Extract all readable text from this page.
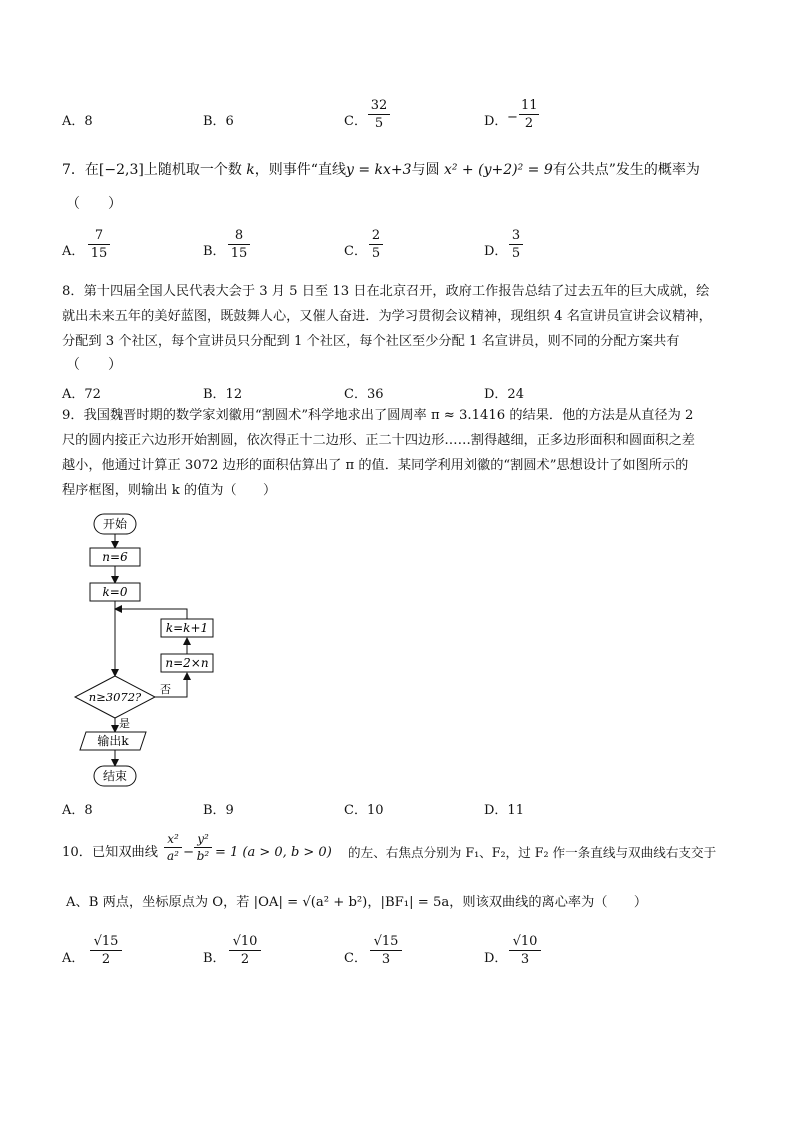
A．8	B．6	C．
32
5	D． −
11
2
7．在[−2,3]上随机取一个数 k，则事件“直线y = kx+3与圆 x² + (y+2)² = 9有公共点”发生的概率为
（　　）
A．
7
15	B．
8
15	C．
2
5	D．
3
5
8．第十四届全国人民代表大会于 3 月 5 日至 13 日在北京召开，政府工作报告总结了过去五年的巨大成就，绘
就出未来五年的美好蓝图，既鼓舞人心，又催人奋进．为学习贯彻会议精神，现组织 4 名宣讲员宣讲会议精神，
分配到 3 个社区，每个宣讲员只分配到 1 个社区，每个社区至少分配 1 名宣讲员，则不同的分配方案共有
（　　）
A．72	B．12	C．36	D．24
9．我国魏晋时期的数学家刘徽用“割圆术”科学地求出了圆周率 π ≈ 3.1416 的结果．他的方法是从直径为 2
尺的圆内接正六边形开始割圆，依次得正十二边形、正二十四边形……割得越细，正多边形面积和圆面积之差
越小，他通过计算正 3072 边形的面积估算出了 π 的值．某同学利用刘徽的“割圆术”思想设计了如图所示的
程序框图，则输出 k 的值为（　　）
开始
n=6
k=0
k=k+1
n=2×n
n≥3072?
否
是
输出k
结束
A．8	B．9	C．10	D．11
10．已知双曲线
x²
a² −
y²
b² = 1 (a > 0, b > 0) 的左、右焦点分别为 F₁、F₂，过 F₂ 作一条直线与双曲线右支交于
A、B 两点，坐标原点为 O，若 |OA| = √(a² + b²)，|BF₁| = 5a，则该双曲线的离心率为（　　）
A．
√15
2	B．
√10
2	C．
√15
3	D．
√10
3
